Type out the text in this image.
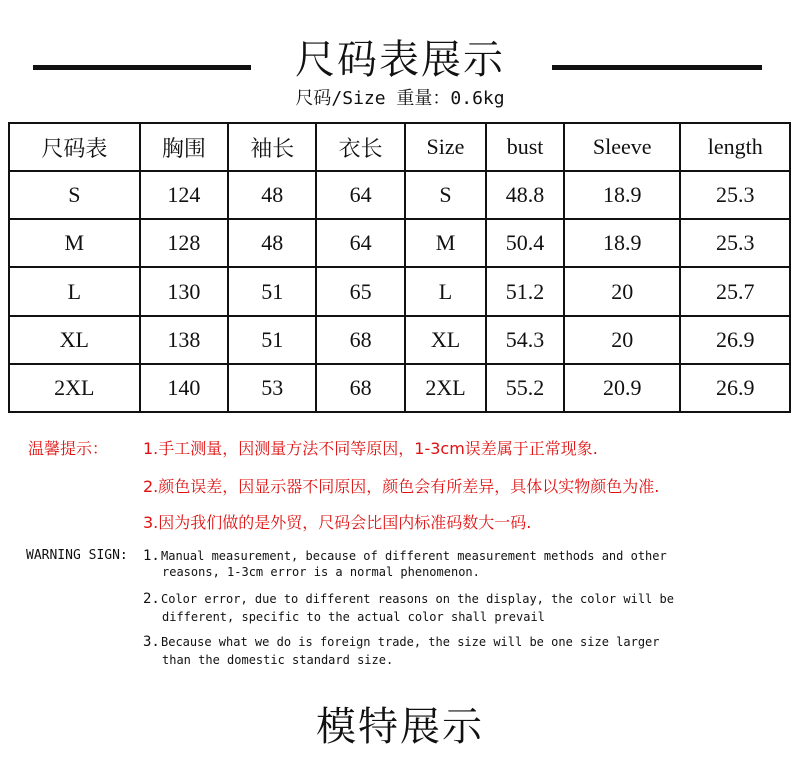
尺码表展示
尺码/Size 重量：0.6kg
尺码表	胸围	袖长	衣长	Size	bust	Sleeve	length
S	124	48	64	S	48.8	18.9	25.3
M	128	48	64	M	50.4	18.9	25.3
L	130	51	65	L	51.2	20	25.7
XL	138	51	68	XL	54.3	20	26.9
2XL	140	53	68	2XL	55.2	20.9	26.9
温馨提示： 1.手工测量，因测量方法不同等原因，1-3cm误差属于正常现象.
2.颜色误差，因显示器不同原因，颜色会有所差异，具体以实物颜色为准.
3.因为我们做的是外贸，尺码会比国内标准码数大一码.
WARNING SIGN: 1.Manual measurement, because of different measurement methods and other
reasons, 1-3cm error is a normal phenomenon.
2.Color error, due to different reasons on the display, the color will be
different, specific to the actual color shall prevail
3.Because what we do is foreign trade, the size will be one size larger
than the domestic standard size.
模特展示
